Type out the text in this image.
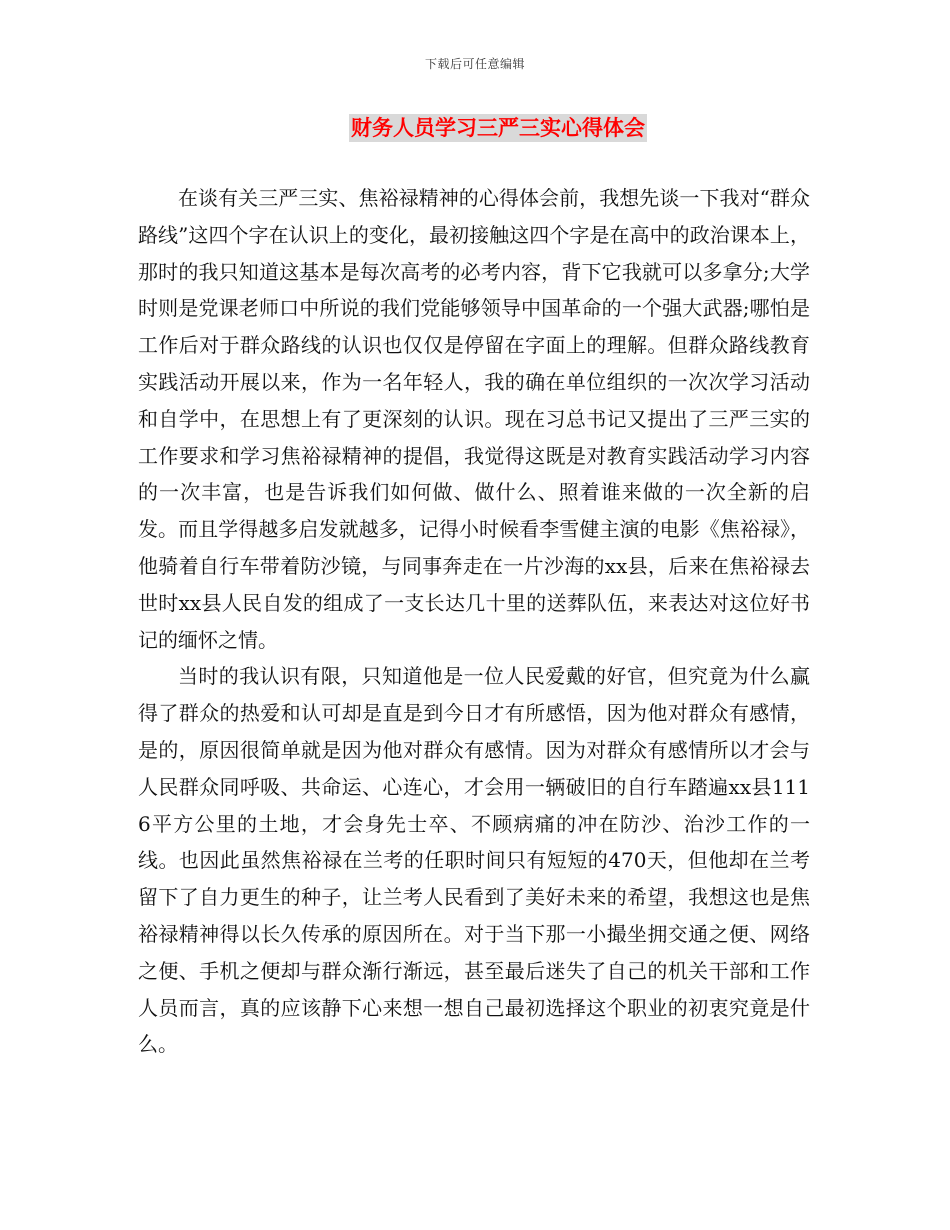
下载后可任意编辑
财务人员学习三严三实心得体会

在谈有关三严三实、焦裕禄精神的心得体会前，我想先谈一下我对“群众路线”这四个字在认识上的变化，最初接触这四个字是在高中的政治课本上，那时的我只知道这基本是每次高考的必考内容，背下它我就可以多拿分;大学时则是党课老师口中所说的我们党能够领导中国革命的一个强大武器;哪怕是工作后对于群众路线的认识也仅仅是停留在字面上的理解。但群众路线教育实践活动开展以来，作为一名年轻人，我的确在单位组织的一次次学习活动和自学中，在思想上有了更深刻的认识。现在习总书记又提出了三严三实的工作要求和学习焦裕禄精神的提倡，我觉得这既是对教育实践活动学习内容的一次丰富，也是告诉我们如何做、做什么、照着谁来做的一次全新的启发。而且学得越多启发就越多，记得小时候看李雪健主演的电影《焦裕禄》，他骑着自行车带着防沙镜，与同事奔走在一片沙海的xx县，后来在焦裕禄去世时xx县人民自发的组成了一支长达几十里的送葬队伍，来表达对这位好书记的缅怀之情。

当时的我认识有限，只知道他是一位人民爱戴的好官，但究竟为什么赢得了群众的热爱和认可却是直是到今日才有所感悟，因为他对群众有感情，是的，原因很简单就是因为他对群众有感情。因为对群众有感情所以才会与人民群众同呼吸、共命运、心连心，才会用一辆破旧的自行车踏遍xx县1116平方公里的土地，才会身先士卒、不顾病痛的冲在防沙、治沙工作的一线。也因此虽然焦裕禄在兰考的任职时间只有短短的470天，但他却在兰考留下了自力更生的种子，让兰考人民看到了美好未来的希望，我想这也是焦裕禄精神得以长久传承的原因所在。对于当下那一小撮坐拥交通之便、网络之便、手机之便却与群众渐行渐远，甚至最后迷失了自己的机关干部和工作人员而言，真的应该静下心来想一想自己最初选择这个职业的初衷究竟是什么。
